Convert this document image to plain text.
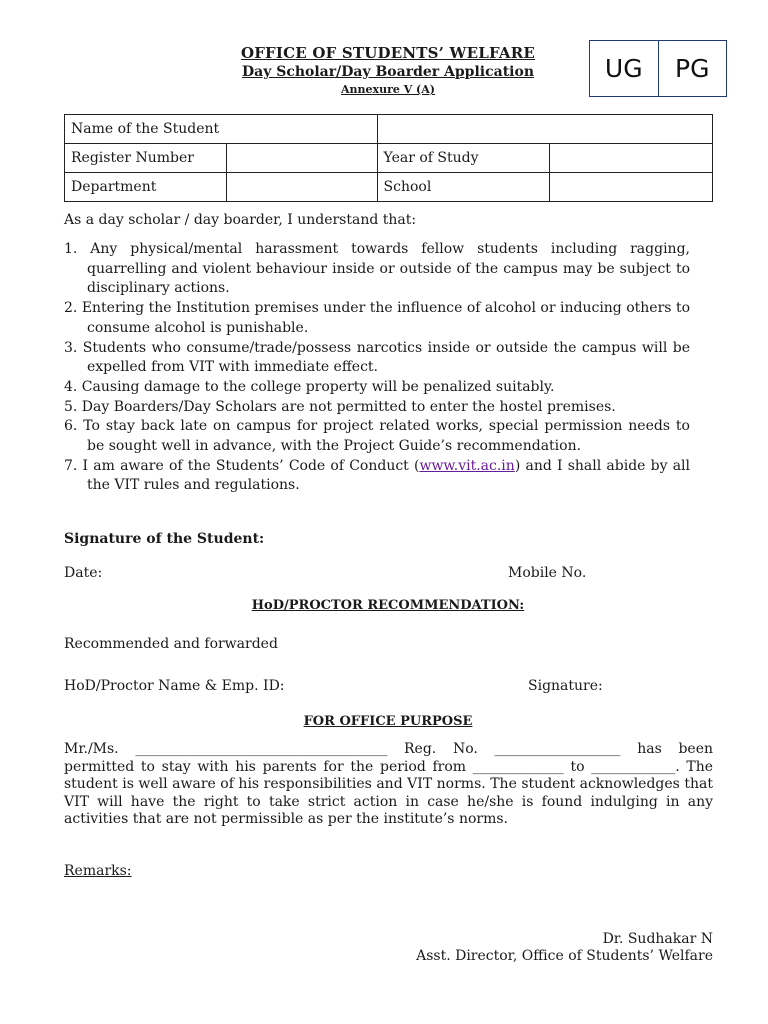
OFFICE OF STUDENTS’ WELFARE
Day Scholar/Day Boarder Application
Annexure V (A)
UG	PG
Name of the Student			
Register Number		Year of Study	
Department		School	
As a day scholar / day boarder, I understand that:
1. Any physical/mental harassment towards fellow students including ragging, quarrelling and violent behaviour inside or outside of the campus may be subject to disciplinary actions.
2. Entering the Institution premises under the influence of alcohol or inducing others to consume alcohol is punishable.
3. Students who consume/trade/possess narcotics inside or outside the campus will be expelled from VIT with immediate effect.
4. Causing damage to the college property will be penalized suitably.
5. Day Boarders/Day Scholars are not permitted to enter the hostel premises.
6. To stay back late on campus for project related works, special permission needs to be sought well in advance, with the Project Guide’s recommendation.
7. I am aware of the Students’ Code of Conduct (www.vit.ac.in) and I shall abide by all the VIT rules and regulations.
Signature of the Student:
Date:	Mobile No.
HoD/PROCTOR RECOMMENDATION:
Recommended and forwarded
HoD/Proctor Name & Emp. ID:	Signature:
FOR OFFICE PURPOSE
Mr./Ms. ____________________________________ Reg. No. __________________ has been permitted to stay with his parents for the period from _____________ to ____________. The student is well aware of his responsibilities and VIT norms. The student acknowledges that VIT will have the right to take strict action in case he/she is found indulging in any activities that are not permissible as per the institute’s norms.
Remarks:
Dr. Sudhakar N
Asst. Director, Office of Students’ Welfare
